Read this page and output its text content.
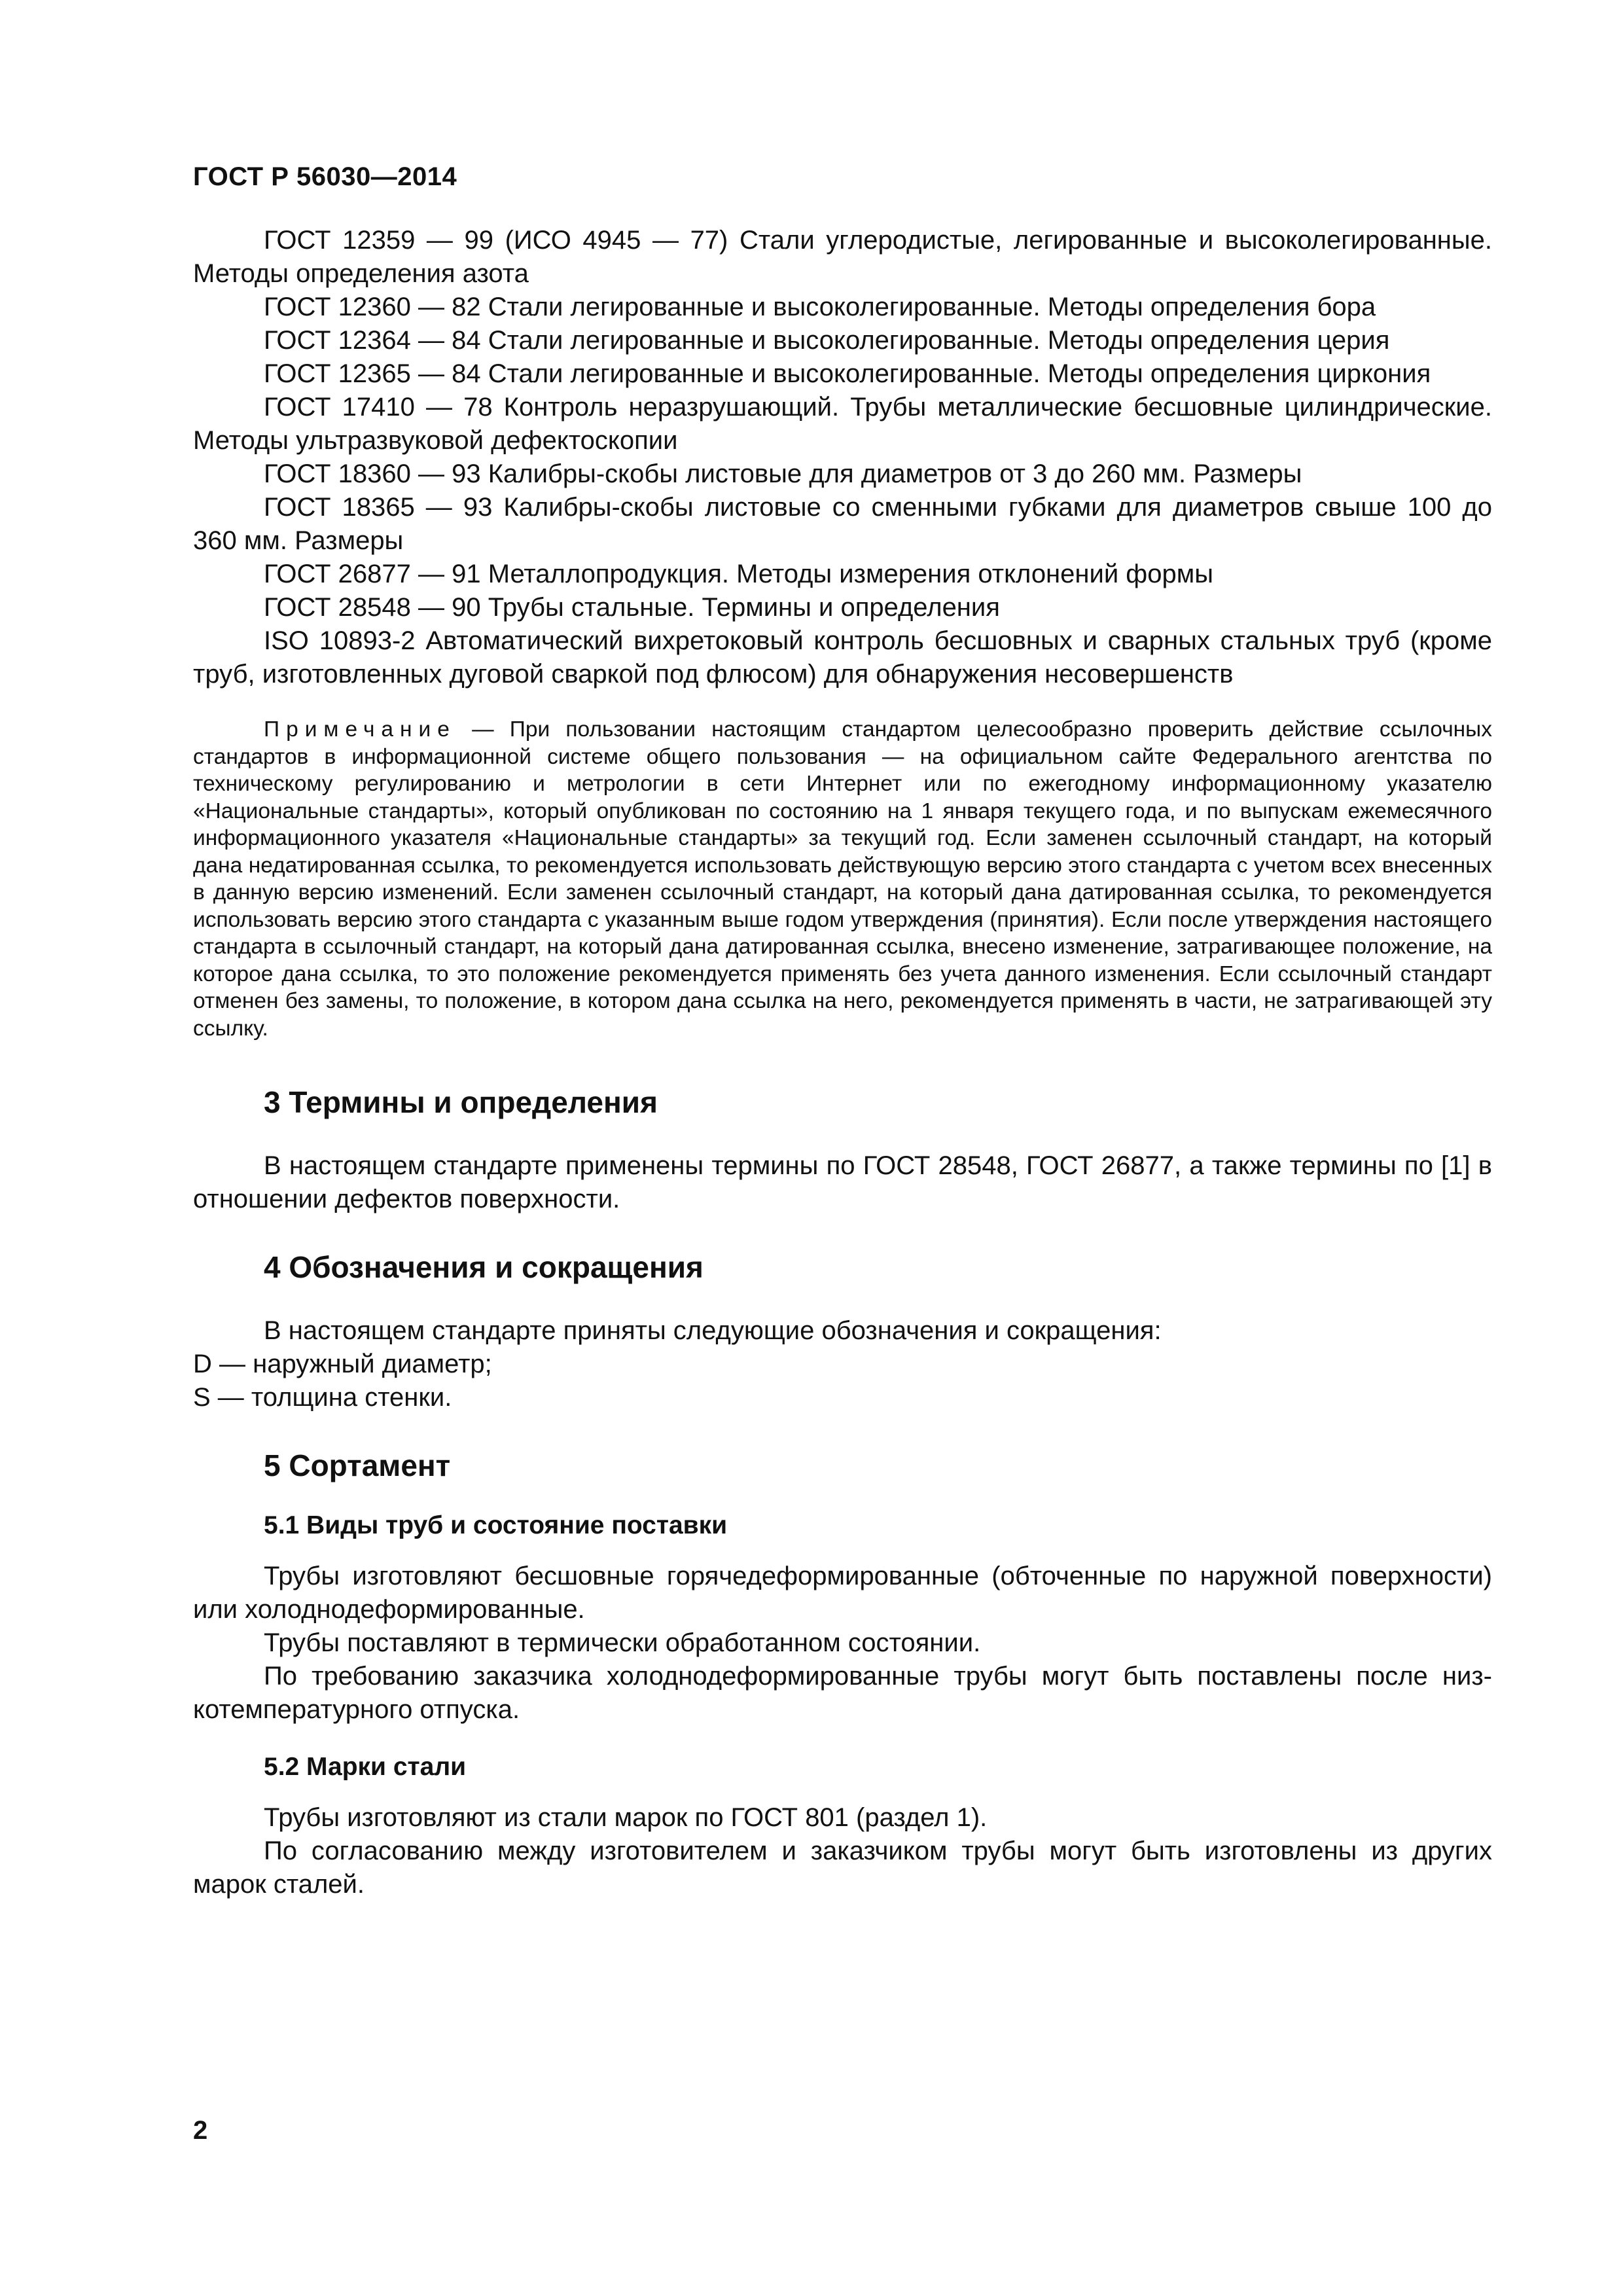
ГОСТ Р 56030—2014

ГОСТ 12359 — 99 (ИСО 4945 — 77) Стали углеродистые, легированные и высоколегированные. Методы определения азота

ГОСТ 12360 — 82 Стали легированные и высоколегированные. Методы определения бора

ГОСТ 12364 — 84 Стали легированные и высоколегированные. Методы определения церия

ГОСТ 12365 — 84 Стали легированные и высоколегированные. Методы определения циркония

ГОСТ 17410 — 78 Контроль неразрушающий. Трубы металлические бесшовные цилиндрические. Методы ультразвуковой дефектоскопии

ГОСТ 18360 — 93 Калибры-скобы листовые для диаметров от 3 до 260 мм. Размеры

ГОСТ 18365 — 93 Калибры-скобы листовые со сменными губками для диаметров свыше 100 до 360 мм. Размеры

ГОСТ 26877 — 91 Металлопродукция. Методы измерения отклонений формы

ГОСТ 28548 — 90 Трубы стальные. Термины и определения

ISO 10893-2 Автоматический вихретоковый контроль бесшовных и сварных стальных труб (кроме труб, изготовленных дуговой сваркой под флюсом) для обнаружения несовершенств

Примечание — При пользовании настоящим стандартом целесообразно проверить действие ссылочных стандартов в информационной системе общего пользования — на официальном сайте Федерального агентства по техническому регулированию и метрологии в сети Интернет или по ежегодному информационному указателю «Национальные стандарты», который опубликован по состоянию на 1 января текущего года, и по выпускам ежемесячного информационного указателя «Национальные стандарты» за текущий год. Если заменен ссылочный стандарт, на который дана недатированная ссылка, то рекомендуется использовать действующую версию этого стандарта с учетом всех внесенных в данную версию изменений. Если заменен ссылочный стандарт, на который дана датированная ссылка, то рекомендуется использовать версию этого стандарта с указанным выше годом утверждения (принятия). Если после утверждения настоящего стандарта в ссылочный стандарт, на который дана датированная ссылка, внесено изменение, затрагивающее положение, на которое дана ссылка, то это положение рекомендуется применять без учета данного изменения. Если ссылочный стандарт отменен без замены, то положение, в котором дана ссылка на него, рекомендуется применять в части, не затрагивающей эту ссылку.

3 Термины и определения

В настоящем стандарте применены термины по ГОСТ 28548, ГОСТ 26877, а также термины по [1] в отношении дефектов поверхности.

4 Обозначения и сокращения

В настоящем стандарте приняты следующие обозначения и сокращения:

D — наружный диаметр;

S — толщина стенки.

5 Сортамент
5.1 Виды труб и состояние поставки

Трубы изготовляют бесшовные горячедеформированные (обточенные по наружной поверхности) или холоднодеформированные.

Трубы поставляют в термически обработанном состоянии.

По требованию заказчика холоднодеформированные трубы могут быть поставлены после низкотемпературного отпуска.

5.2 Марки стали

Трубы изготовляют из стали марок по ГОСТ 801 (раздел 1).

По согласованию между изготовителем и заказчиком трубы могут быть изготовлены из других марок сталей.

2
